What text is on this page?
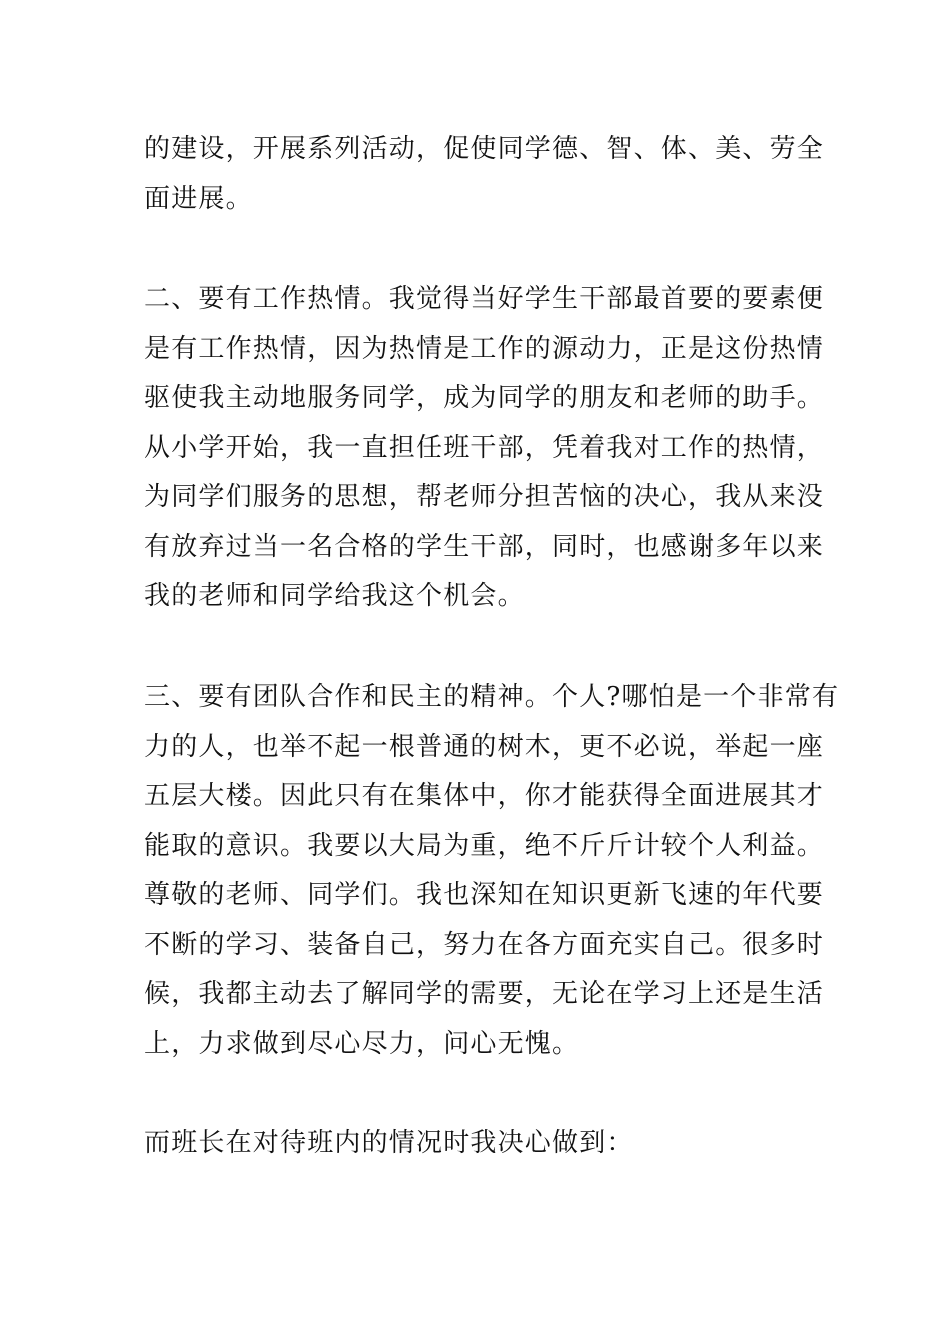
的建设，开展系列活动，促使同学德、智、体、美、劳全
面进展。

二、要有工作热情。我觉得当好学生干部最首要的要素便
是有工作热情，因为热情是工作的源动力，正是这份热情
驱使我主动地服务同学，成为同学的朋友和老师的助手。
从小学开始，我一直担任班干部，凭着我对工作的热情，
为同学们服务的思想，帮老师分担苦恼的决心，我从来没
有放弃过当一名合格的学生干部，同时，也感谢多年以来
我的老师和同学给我这个机会。

三、要有团队合作和民主的精神。个人?哪怕是一个非常有
力的人，也举不起一根普通的树木，更不必说，举起一座
五层大楼。因此只有在集体中，你才能获得全面进展其才
能取的意识。我要以大局为重，绝不斤斤计较个人利益。
尊敬的老师、同学们。我也深知在知识更新飞速的年代要
不断的学习、装备自己，努力在各方面充实自己。很多时
候，我都主动去了解同学的需要，无论在学习上还是生活
上，力求做到尽心尽力，问心无愧。

而班长在对待班内的情况时我决心做到：
